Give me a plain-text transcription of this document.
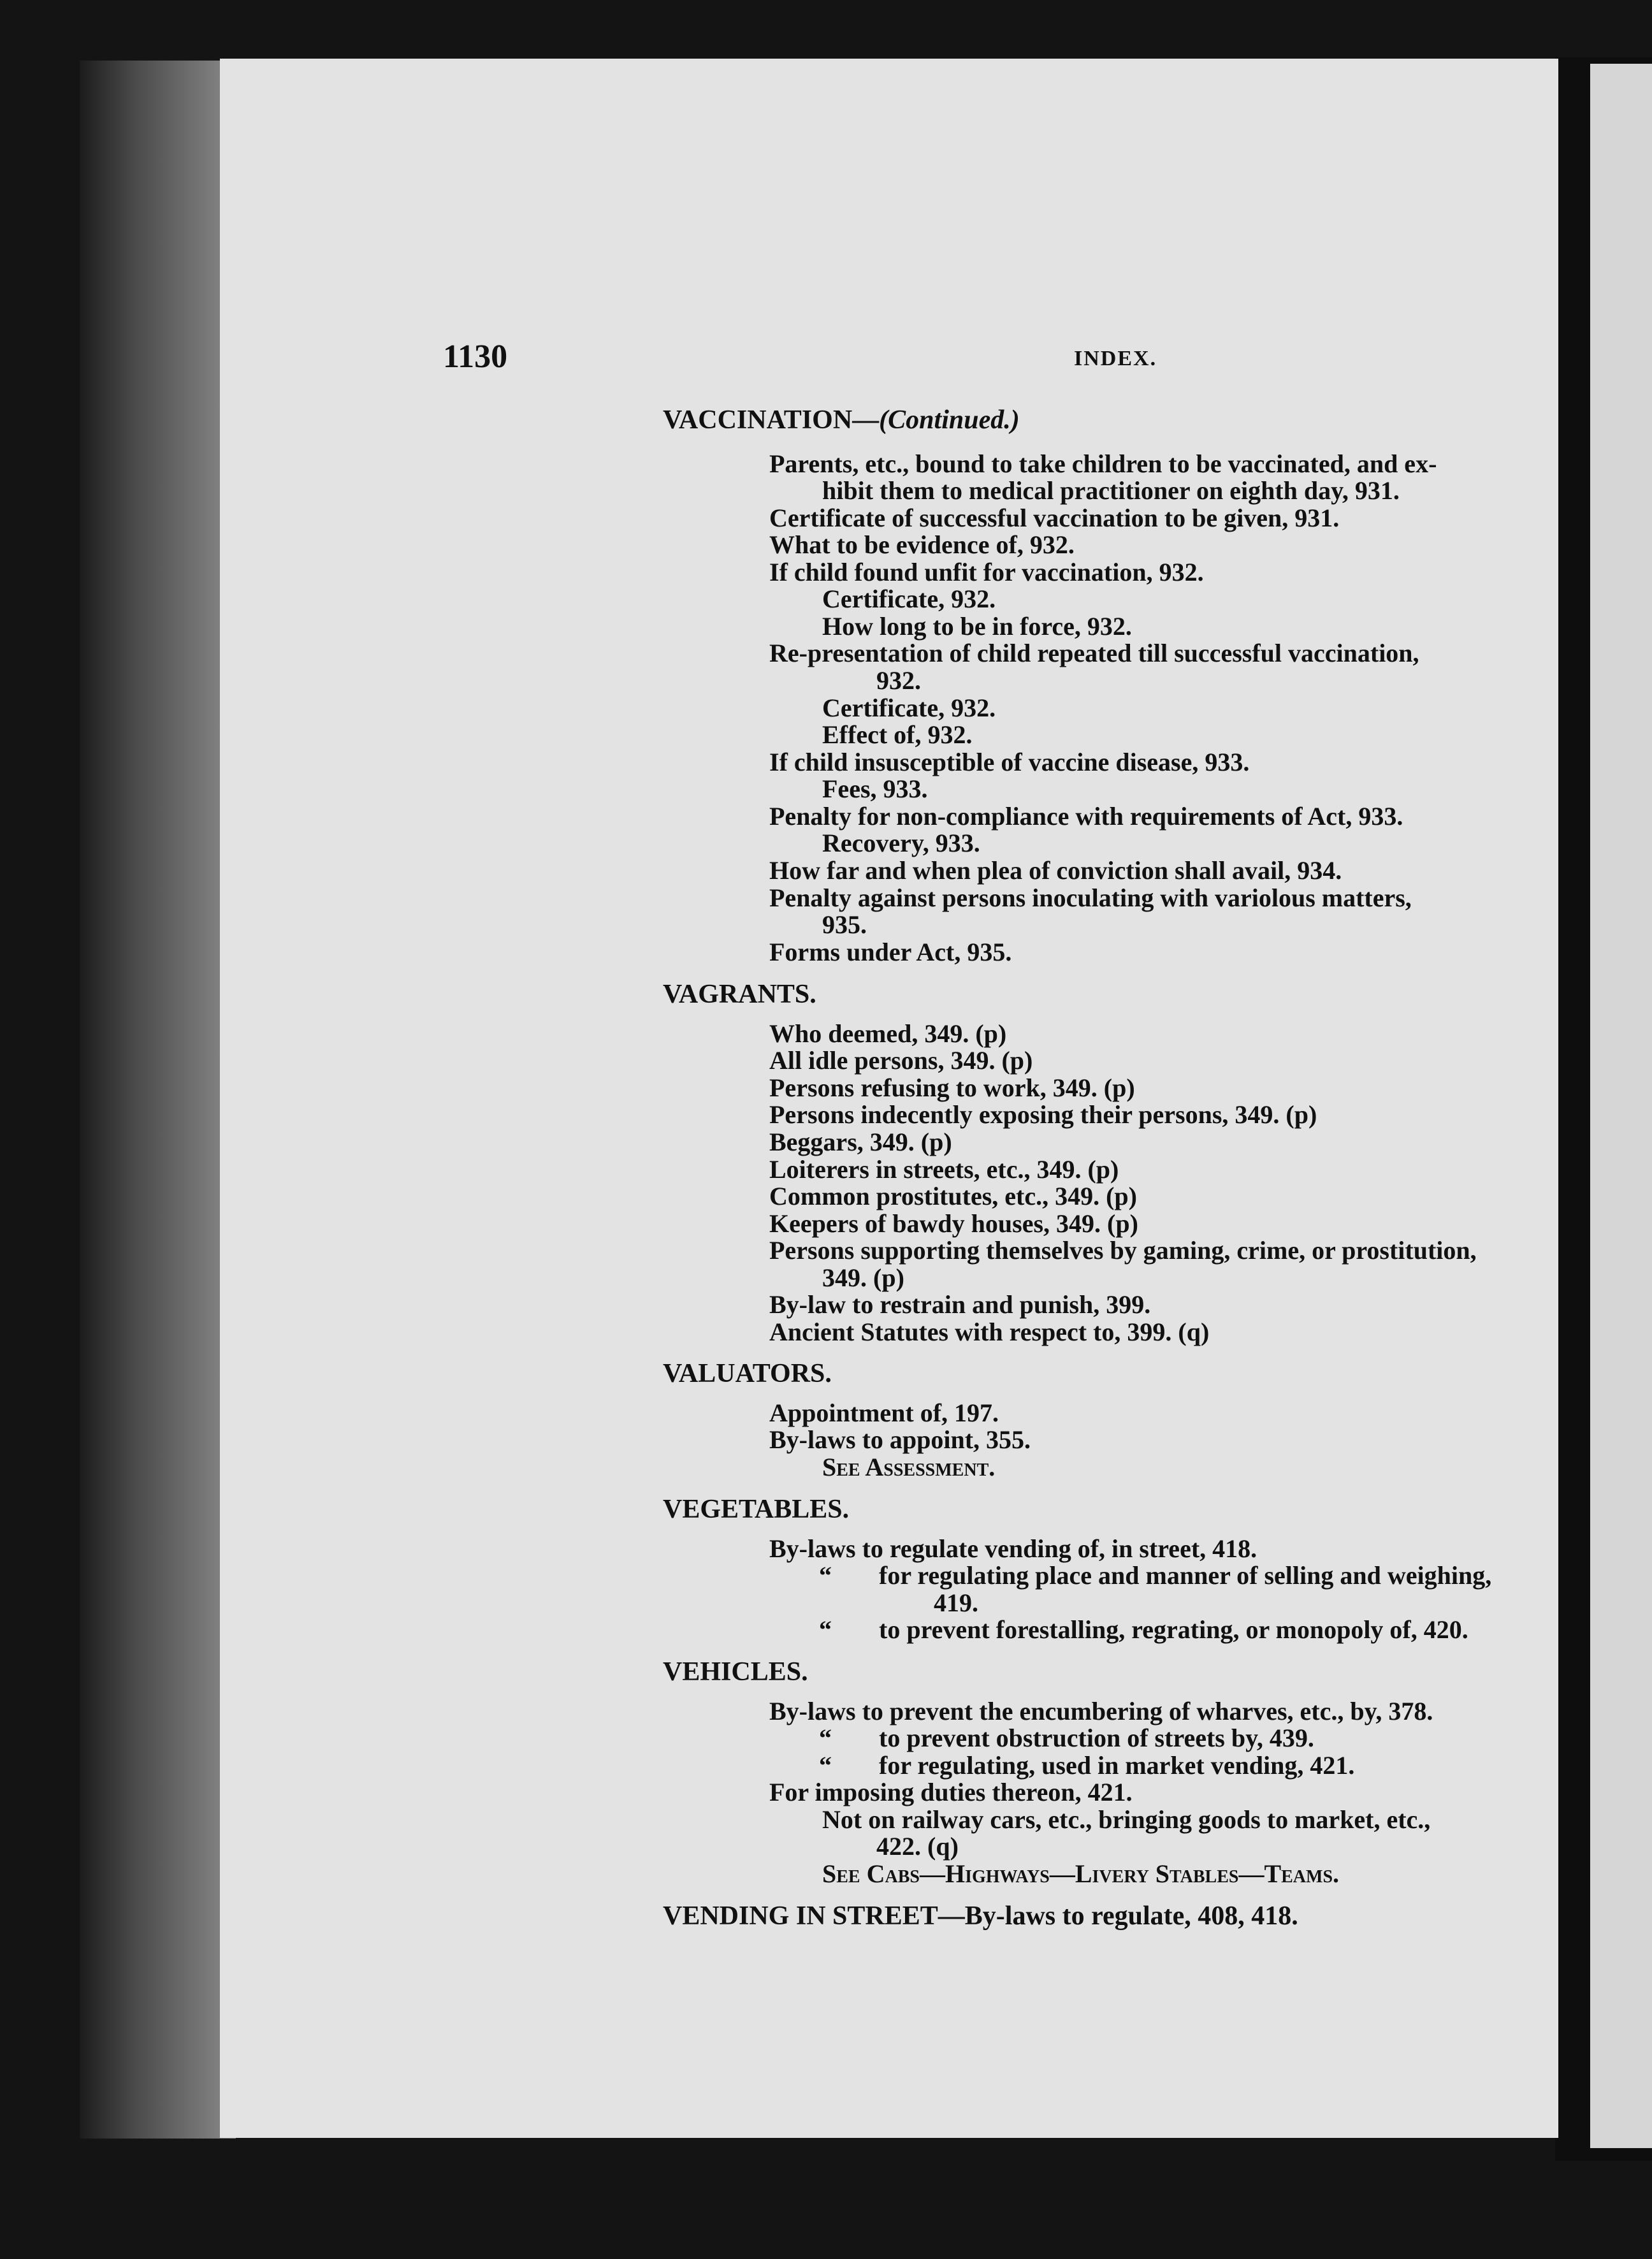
1130	INDEX.
VACCINATION—(Continued.)
Parents, etc., bound to take children to be vaccinated, and ex-
hibit them to medical practitioner on eighth day, 931.
Certificate of successful vaccination to be given, 931.
What to be evidence of, 932.
If child found unfit for vaccination, 932.
Certificate, 932.
How long to be in force, 932.
Re-presentation of child repeated till successful vaccination,
932.
Certificate, 932.
Effect of, 932.
If child insusceptible of vaccine disease, 933.
Fees, 933.
Penalty for non-compliance with requirements of Act, 933.
Recovery, 933.
How far and when plea of conviction shall avail, 934.
Penalty against persons inoculating with variolous matters,
935.
Forms under Act, 935.
VAGRANTS.
Who deemed, 349. (p)
All idle persons, 349. (p)
Persons refusing to work, 349. (p)
Persons indecently exposing their persons, 349. (p)
Beggars, 349. (p)
Loiterers in streets, etc., 349. (p)
Common prostitutes, etc., 349. (p)
Keepers of bawdy houses, 349. (p)
Persons supporting themselves by gaming, crime, or prostitution,
349. (p)
By-law to restrain and punish, 399.
Ancient Statutes with respect to, 399. (q)
VALUATORS.
Appointment of, 197.
By-laws to appoint, 355.
See Assessment.
VEGETABLES.
By-laws to regulate vending of, in street, 418.
“ for regulating place and manner of selling and weighing,
419.
“ to prevent forestalling, regrating, or monopoly of, 420.
VEHICLES.
By-laws to prevent the encumbering of wharves, etc., by, 378.
“ to prevent obstruction of streets by, 439.
“ for regulating, used in market vending, 421.
For imposing duties thereon, 421.
Not on railway cars, etc., bringing goods to market, etc.,
422. (q)
See Cabs—Highways—Livery Stables—Teams.
VENDING IN STREET—By-laws to regulate, 408, 418.
